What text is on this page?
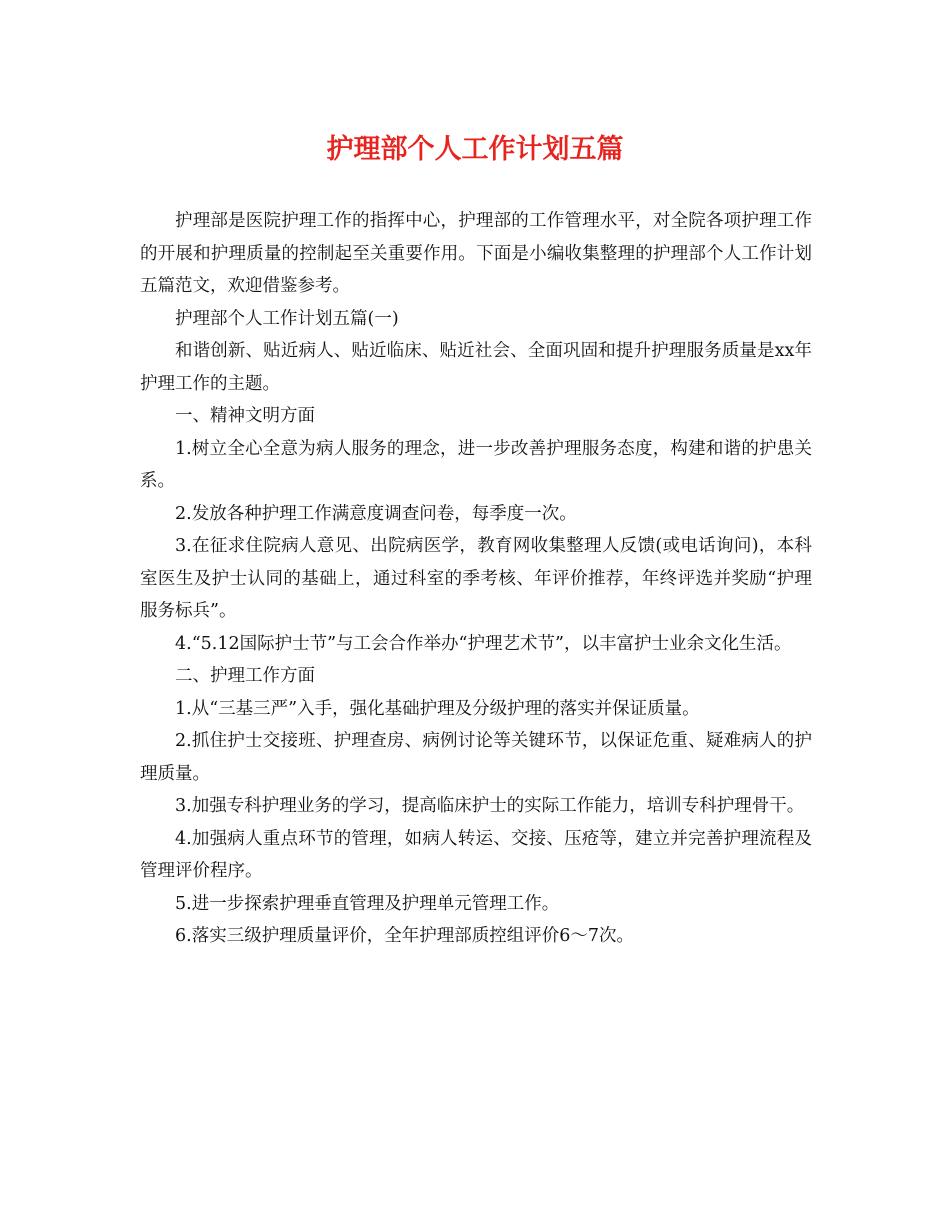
护理部个人工作计划五篇

护理部是医院护理工作的指挥中心，护理部的工作管理水平，对全院各项护理工作的开展和护理质量的控制起至关重要作用。下面是小编收集整理的护理部个人工作计划五篇范文，欢迎借鉴参考。

护理部个人工作计划五篇(一)

和谐创新、贴近病人、贴近临床、贴近社会、全面巩固和提升护理服务质量是xx年护理工作的主题。

一、精神文明方面

1.树立全心全意为病人服务的理念，进一步改善护理服务态度，构建和谐的护患关系。

2.发放各种护理工作满意度调查问卷，每季度一次。

3.在征求住院病人意见、出院病医学，教育网收集整理人反馈(或电话询问)，本科室医生及护士认同的基础上，通过科室的季考核、年评价推荐，年终评选并奖励“护理服务标兵”。

4.“5.12国际护士节”与工会合作举办“护理艺术节”，以丰富护士业余文化生活。

二、护理工作方面

1.从“三基三严”入手，强化基础护理及分级护理的落实并保证质量。

2.抓住护士交接班、护理查房、病例讨论等关键环节，以保证危重、疑难病人的护理质量。

3.加强专科护理业务的学习，提高临床护士的实际工作能力，培训专科护理骨干。

4.加强病人重点环节的管理，如病人转运、交接、压疮等，建立并完善护理流程及管理评价程序。

5.进一步探索护理垂直管理及护理单元管理工作。

6.落实三级护理质量评价，全年护理部质控组评价6～7次。
